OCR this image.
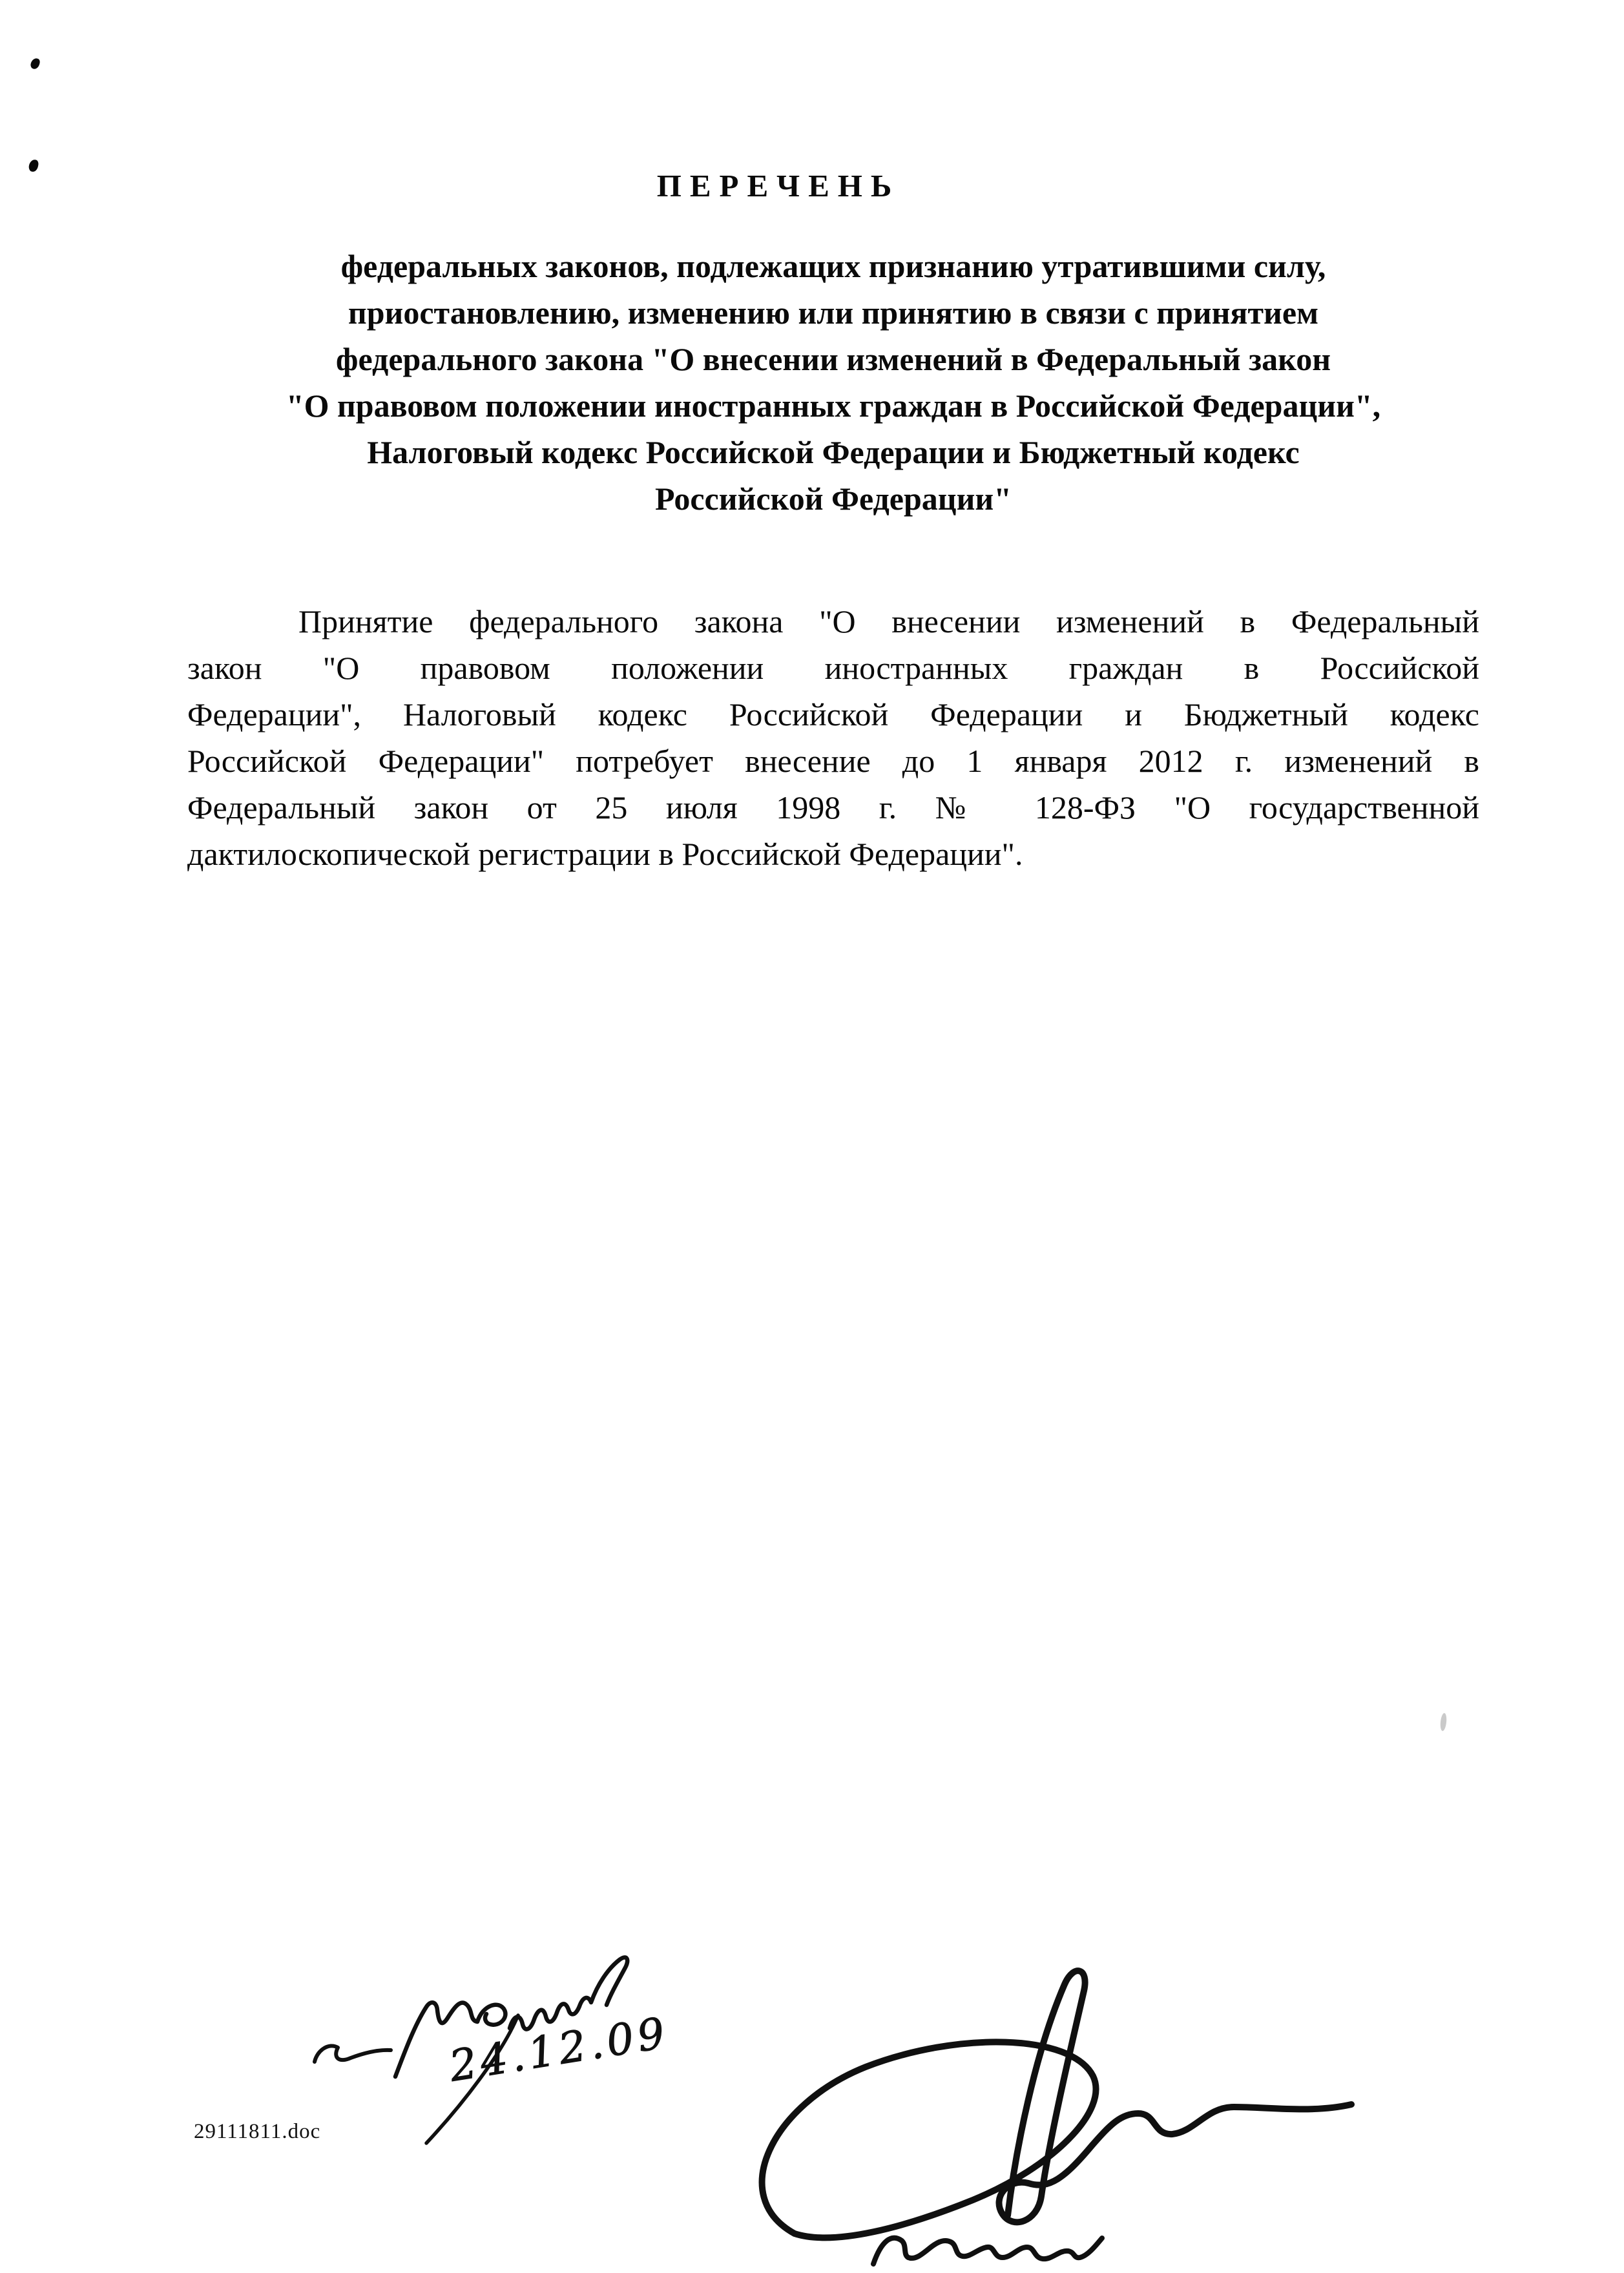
ПЕРЕЧЕНЬ
федеральных законов, подлежащих признанию утратившими силу,
приостановлению, изменению или принятию в связи с принятием
федерального закона "О внесении изменений в Федеральный закон
"О правовом положении иностранных граждан в Российской Федерации",
Налоговый кодекс Российской Федерации и Бюджетный кодекс
Российской Федерации"
Принятие федерального закона "О внесении изменений в Федеральный
закон "О правовом положении иностранных граждан в Российской
Федерации", Налоговый кодекс Российской Федерации и Бюджетный кодекс
Российской Федерации" потребует внесение до 1 января 2012 г. изменений в
Федеральный закон от 25 июля 1998 г. № 128-ФЗ "О государственной
дактилоскопической регистрации в Российской Федерации".
24.12.09
29111811.doc
